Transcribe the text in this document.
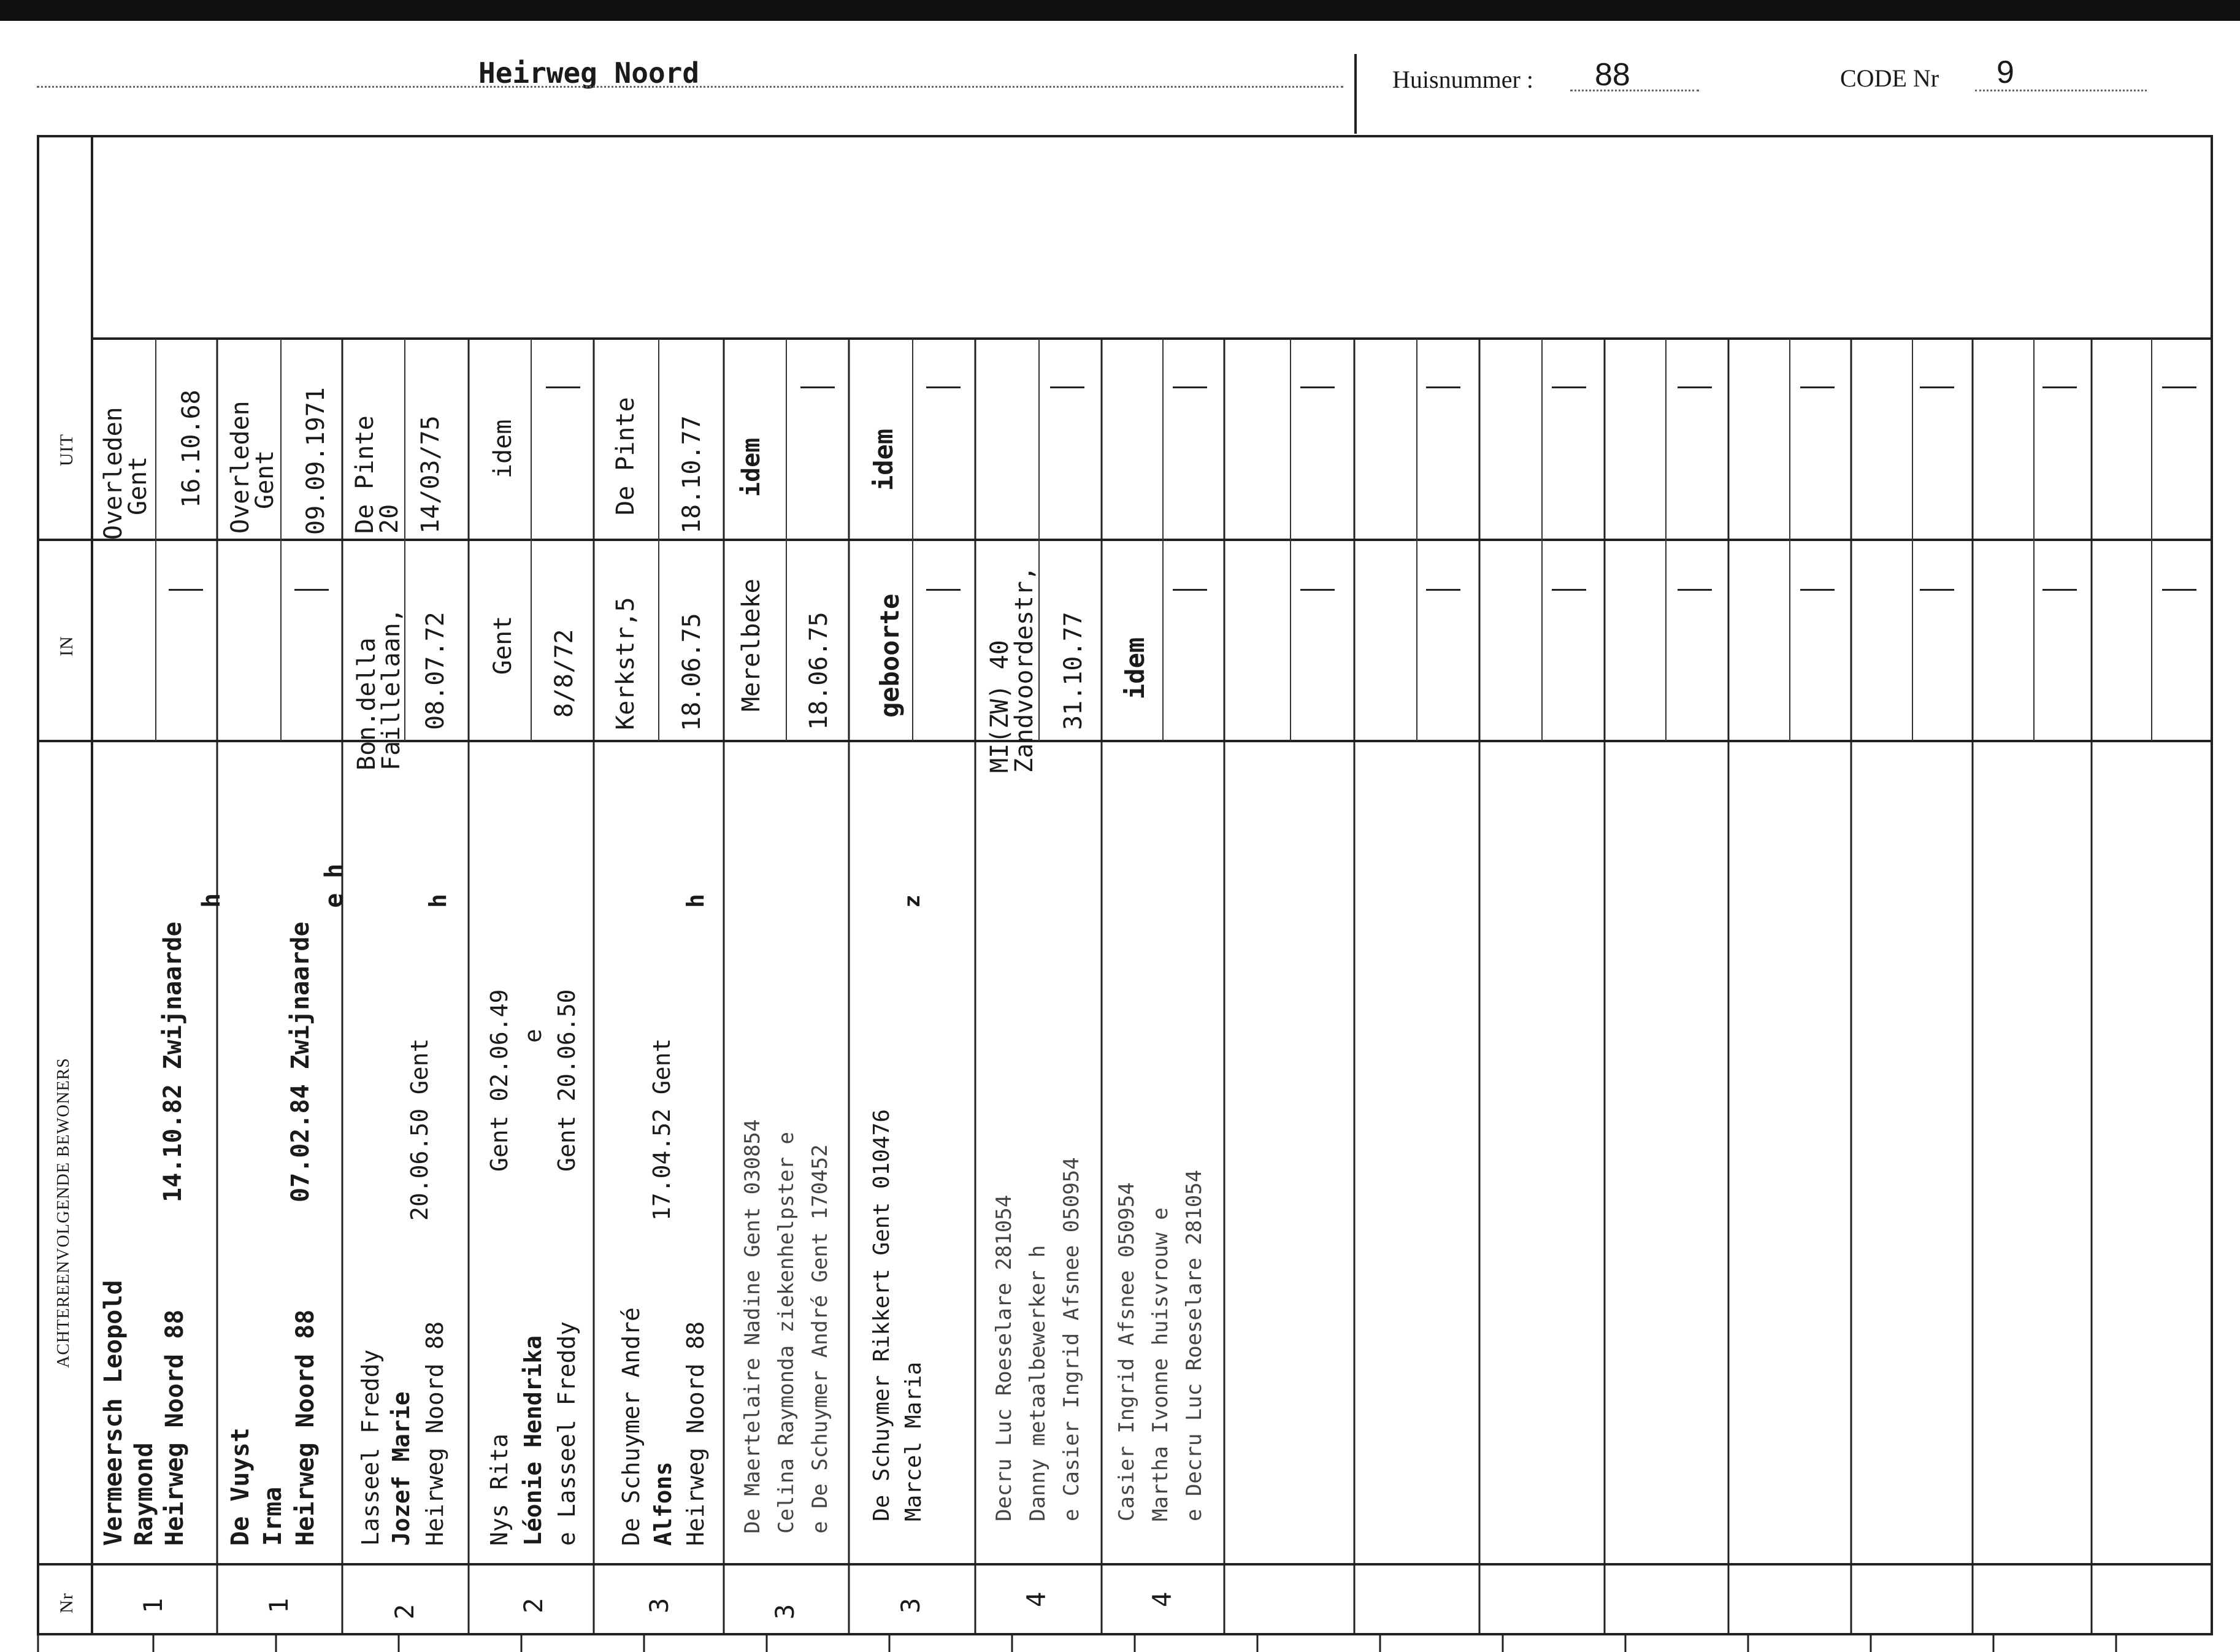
Heirweg Noord	Huisnummer : 88	CODE Nr 9
UIT
IN
ACHTEREENVOLGENDE BEWONERS
Nr
Overleden
Gent 16.10.68
Vermeersch Leopold Raymond Heirweg Noord 88
14.10.82 Zwijnaarde
h
1
Overleden
Gent 09.09.1971
De Vuyst Irma Heirweg Noord 88
07.02.84 Zwijnaarde
e h
1
De Pinte
20 14/03/75
Bon.della
Faillelaan, 08.07.72
Lasseel Freddy Jozef Marie Heirweg Noord 88
20.06.50 Gent
h
2
idem
Gent 8/8/72
Nys Rita Léonie Hendrika e Lasseel Freddy
Gent 02.06.49 e Gent 20.06.50
2
De Pinte 18.10.77
Kerkstr,5 18.06.75
De Schuymer André Alfons Heirweg Noord 88
17.04.52 Gent
h
3
idem
Merelbeke 18.06.75
De Maertelaire Nadine Gent 030854 Celina Raymonda ziekenhelpster e e De Schuymer André Gent 170452
3
idem
geboorte
De Schuymer Rikkert Gent 010476 Marcel Maria
z
3
MI(ZW) 40
Zandvoordestr, 31.10.77
Decru Luc Roeselare 281054 Danny metaalbewerker h e Casier Ingrid Afsnee 050954
4
idem
Casier Ingrid Afsnee 050954 Martha Ivonne huisvrouw e e Decru Luc Roeselare 281054
4
